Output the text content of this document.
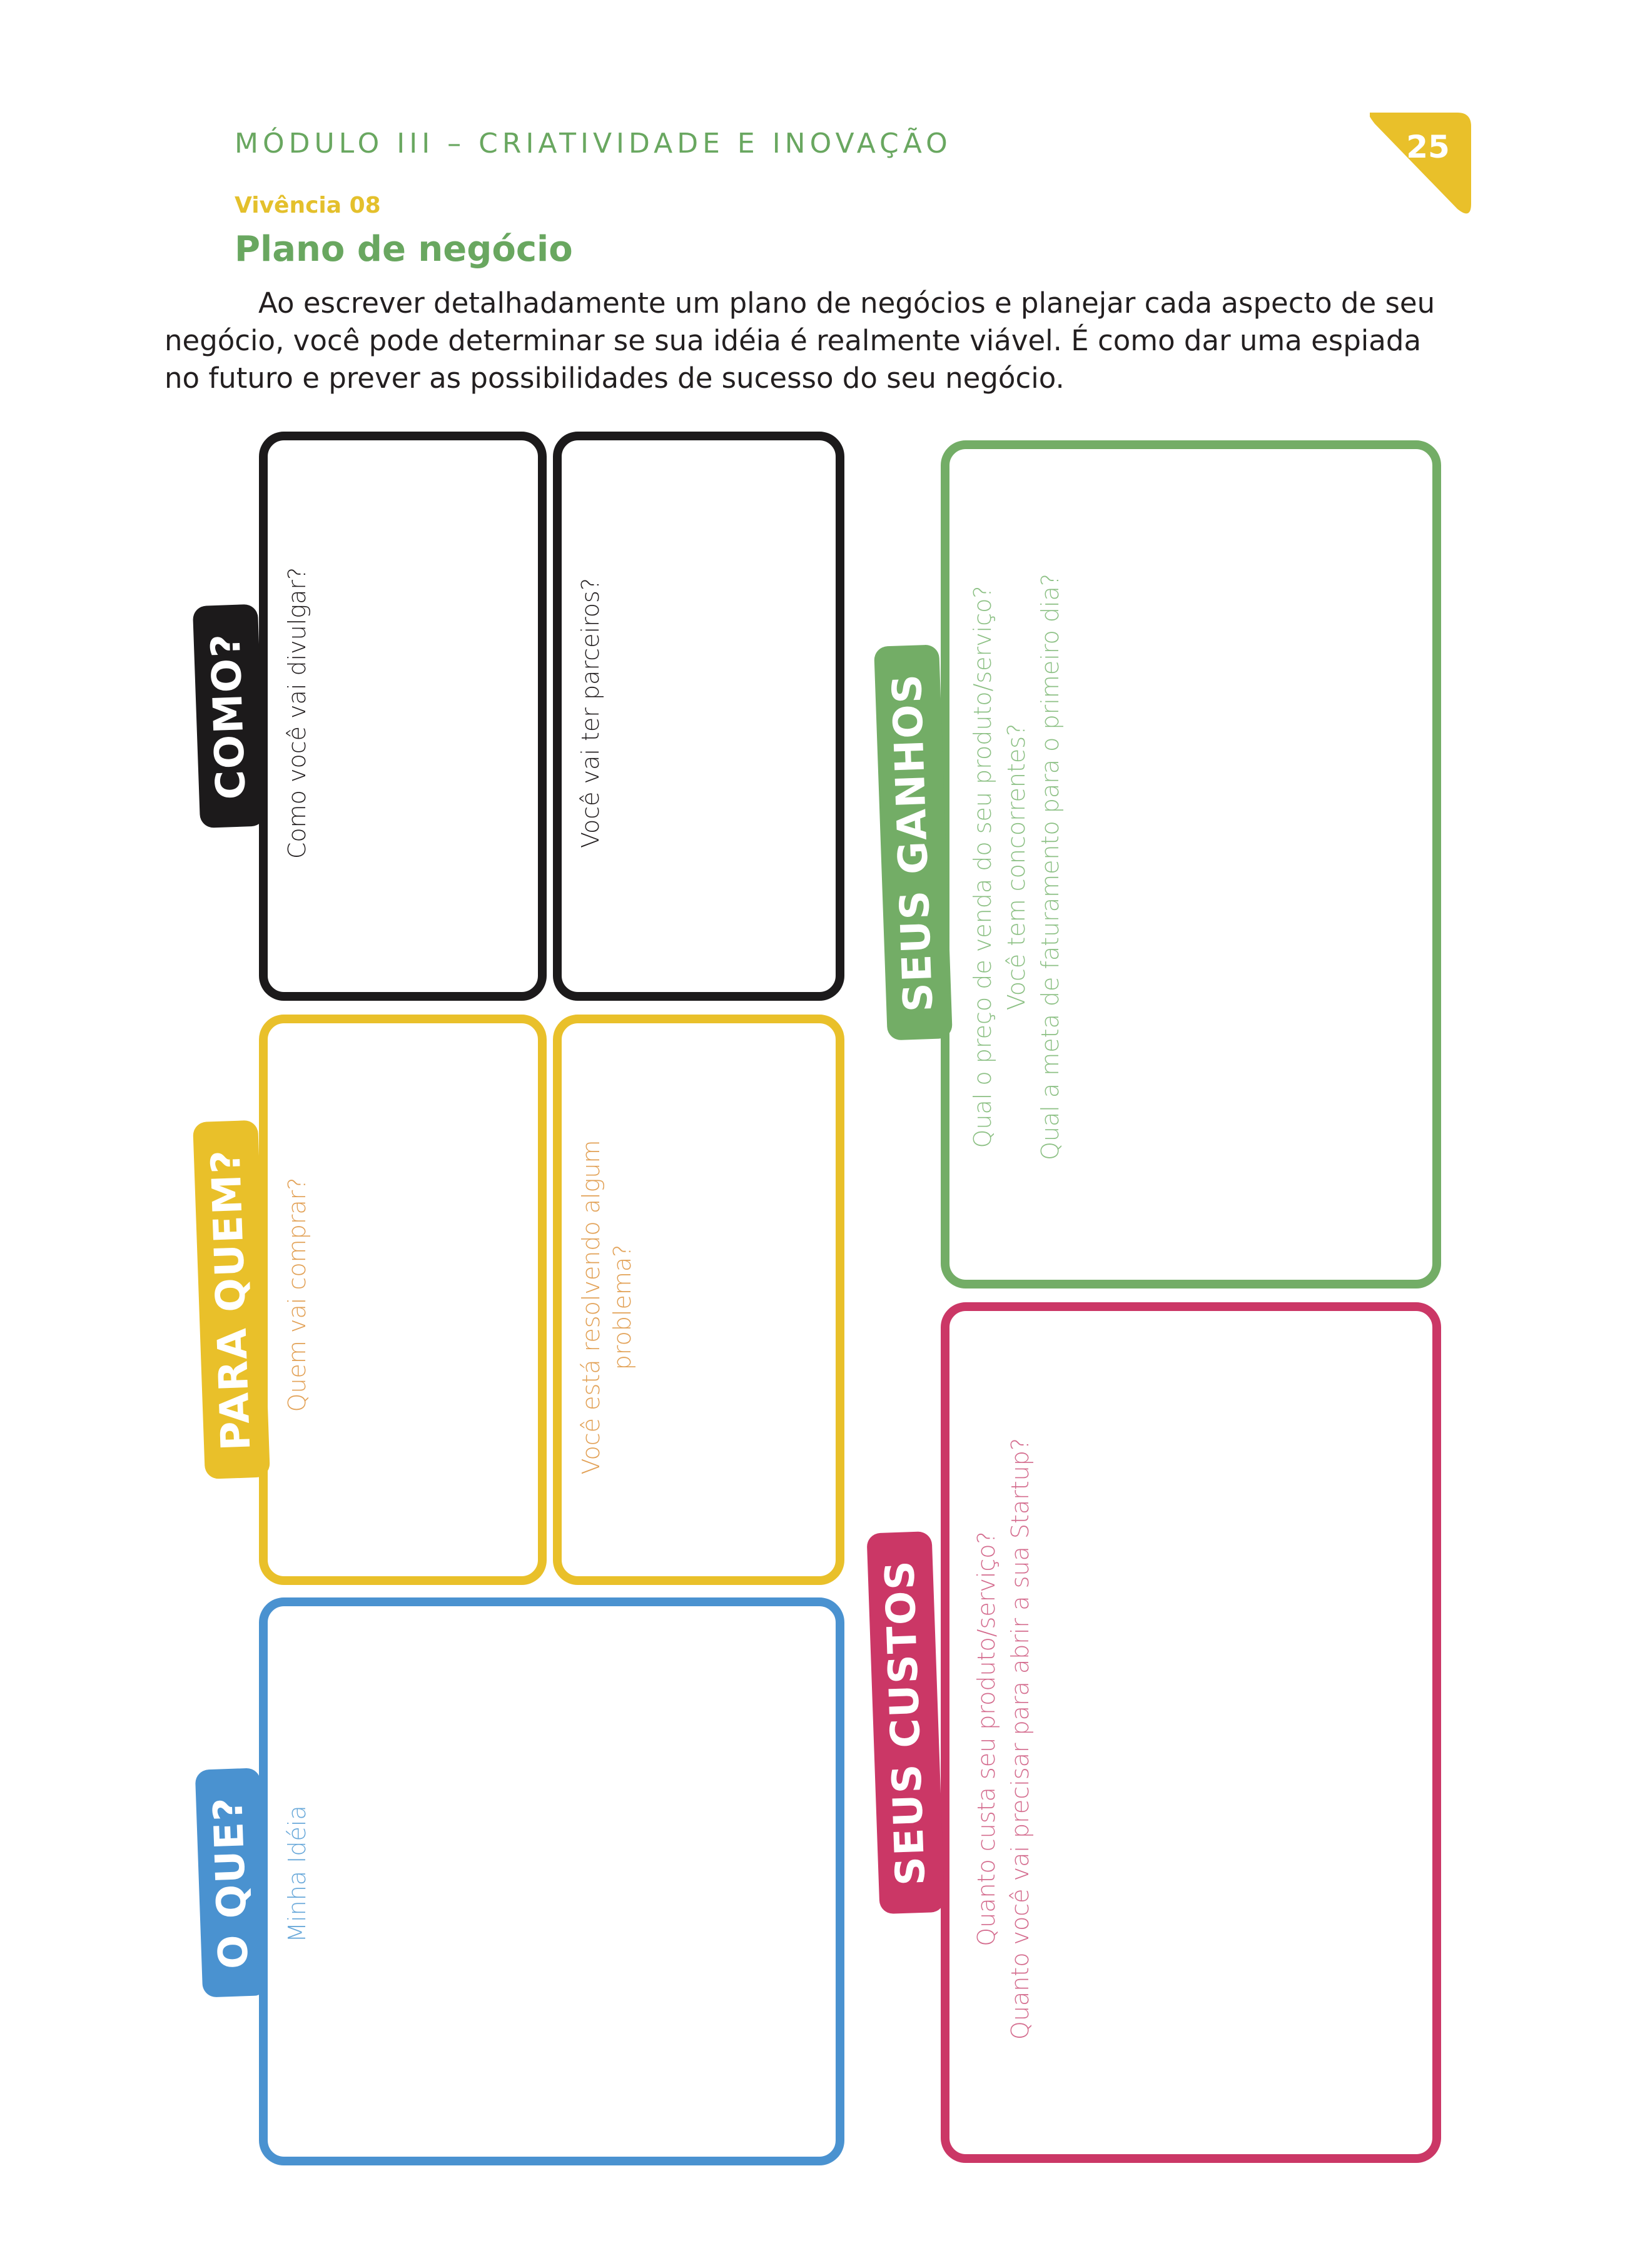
MÓDULO III – CRIATIVIDADE E INOVAÇÃO	25
Vivência 08
Plano de negócio

Ao escrever detalhadamente um plano de negócios e planejar cada aspecto de seu

negócio, você pode determinar se sua idéia é realmente viável. É como dar uma espiada

no futuro e prever as possibilidades de sucesso do seu negócio.

Como você vai divulgar?	Você vai ter parceiros?
COMO?
Quem vai comprar?	Você está resolvendo algum problema?
PARA QUEM?
Minha Idéia
O QUE?
Qual o preço de venda do seu produto/serviço? Você tem concorrentes? Qual a meta de faturamento para o primeiro dia?
SEUS GANHOS
Quanto custa seu produto/serviço? Quanto você vai precisar para abrir a sua Startup?
SEUS CUSTOS
